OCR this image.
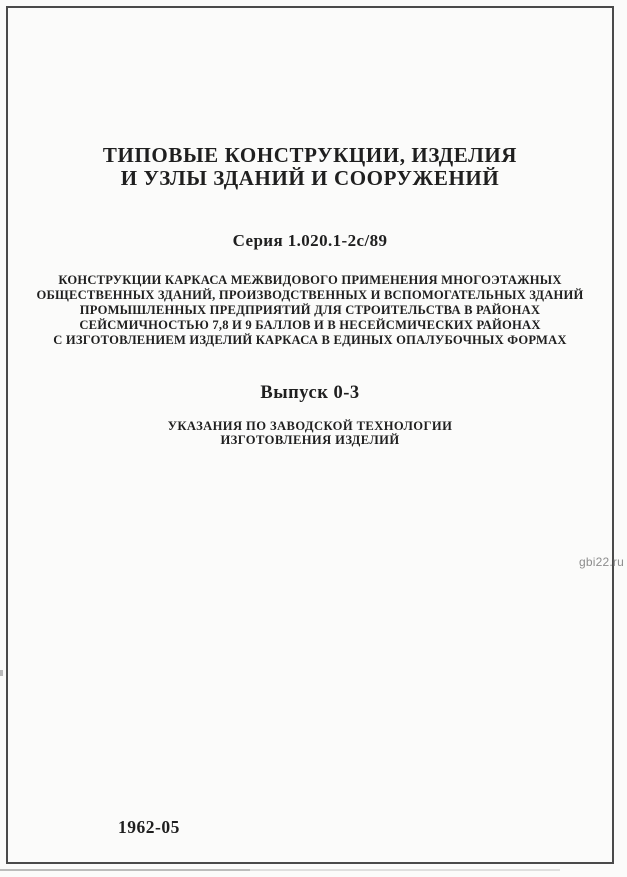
ТИПОВЫЕ КОНСТРУКЦИИ, ИЗДЕЛИЯ
И УЗЛЫ ЗДАНИЙ И СООРУЖЕНИЙ
Серия 1.020.1-2с/89
КОНСТРУКЦИИ КАРКАСА МЕЖВИДОВОГО ПРИМЕНЕНИЯ МНОГОЭТАЖНЫХ
ОБЩЕСТВЕННЫХ ЗДАНИЙ, ПРОИЗВОДСТВЕННЫХ И ВСПОМОГАТЕЛЬНЫХ ЗДАНИЙ
ПРОМЫШЛЕННЫХ ПРЕДПРИЯТИЙ ДЛЯ СТРОИТЕЛЬСТВА В РАЙОНАХ
СЕЙСМИЧНОСТЬЮ 7,8 И 9 БАЛЛОВ И В НЕСЕЙСМИЧЕСКИХ РАЙОНАХ
С ИЗГОТОВЛЕНИЕМ ИЗДЕЛИЙ КАРКАСА В ЕДИНЫХ ОПАЛУБОЧНЫХ ФОРМАХ
Выпуск 0-3
УКАЗАНИЯ ПО ЗАВОДСКОЙ ТЕХНОЛОГИИ
ИЗГОТОВЛЕНИЯ ИЗДЕЛИЙ
1962-05
gbi22.ru
